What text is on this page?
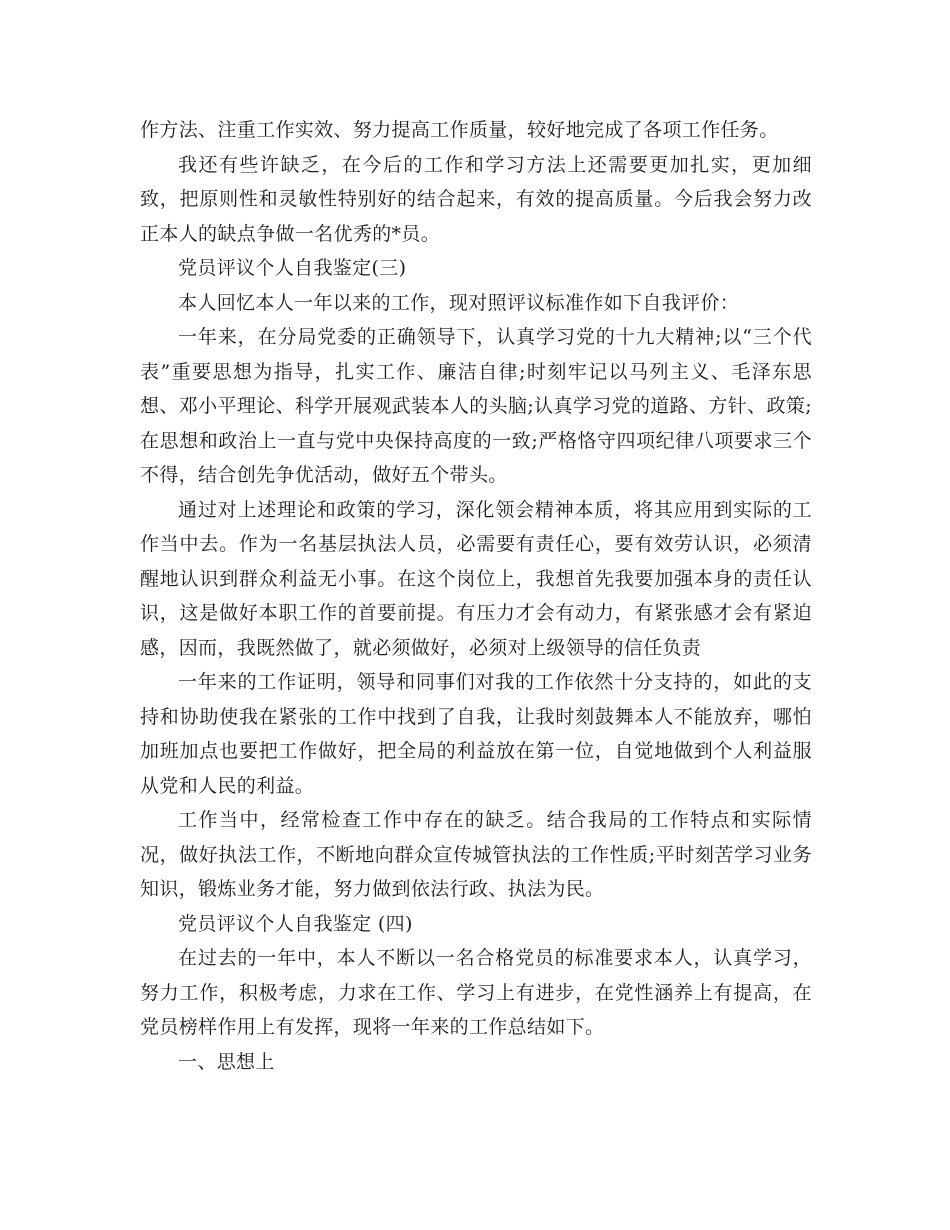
作方法、注重工作实效、努力提高工作质量，较好地完成了各项工作任务。

我还有些许缺乏，在今后的工作和学习方法上还需要更加扎实，更加细致，把原则性和灵敏性特别好的结合起来，有效的提高质量。今后我会努力改正本人的缺点争做一名优秀的*员。

党员评议个人自我鉴定(三)

本人回忆本人一年以来的工作，现对照评议标准作如下自我评价：

一年来，在分局党委的正确领导下，认真学习党的十九大精神;以“三个代表”重要思想为指导，扎实工作、廉洁自律;时刻牢记以马列主义、毛泽东思想、邓小平理论、科学开展观武装本人的头脑;认真学习党的道路、方针、政策;在思想和政治上一直与党中央保持高度的一致;严格恪守四项纪律八项要求三个不得，结合创先争优活动，做好五个带头。

通过对上述理论和政策的学习，深化领会精神本质，将其应用到实际的工作当中去。作为一名基层执法人员，必需要有责任心，要有效劳认识，必须清醒地认识到群众利益无小事。在这个岗位上，我想首先我要加强本身的责任认识，这是做好本职工作的首要前提。有压力才会有动力，有紧张感才会有紧迫感，因而，我既然做了，就必须做好，必须对上级领导的信任负责

一年来的工作证明，领导和同事们对我的工作依然十分支持的，如此的支持和协助使我在紧张的工作中找到了自我，让我时刻鼓舞本人不能放弃，哪怕加班加点也要把工作做好，把全局的利益放在第一位，自觉地做到个人利益服从党和人民的利益。

工作当中，经常检查工作中存在的缺乏。结合我局的工作特点和实际情况，做好执法工作，不断地向群众宣传城管执法的工作性质;平时刻苦学习业务知识，锻炼业务才能，努力做到依法行政、执法为民。

党员评议个人自我鉴定 (四)

在过去的一年中，本人不断以一名合格党员的标准要求本人，认真学习，努力工作，积极考虑，力求在工作、学习上有进步，在党性涵养上有提高，在党员榜样作用上有发挥，现将一年来的工作总结如下。

一、思想上
